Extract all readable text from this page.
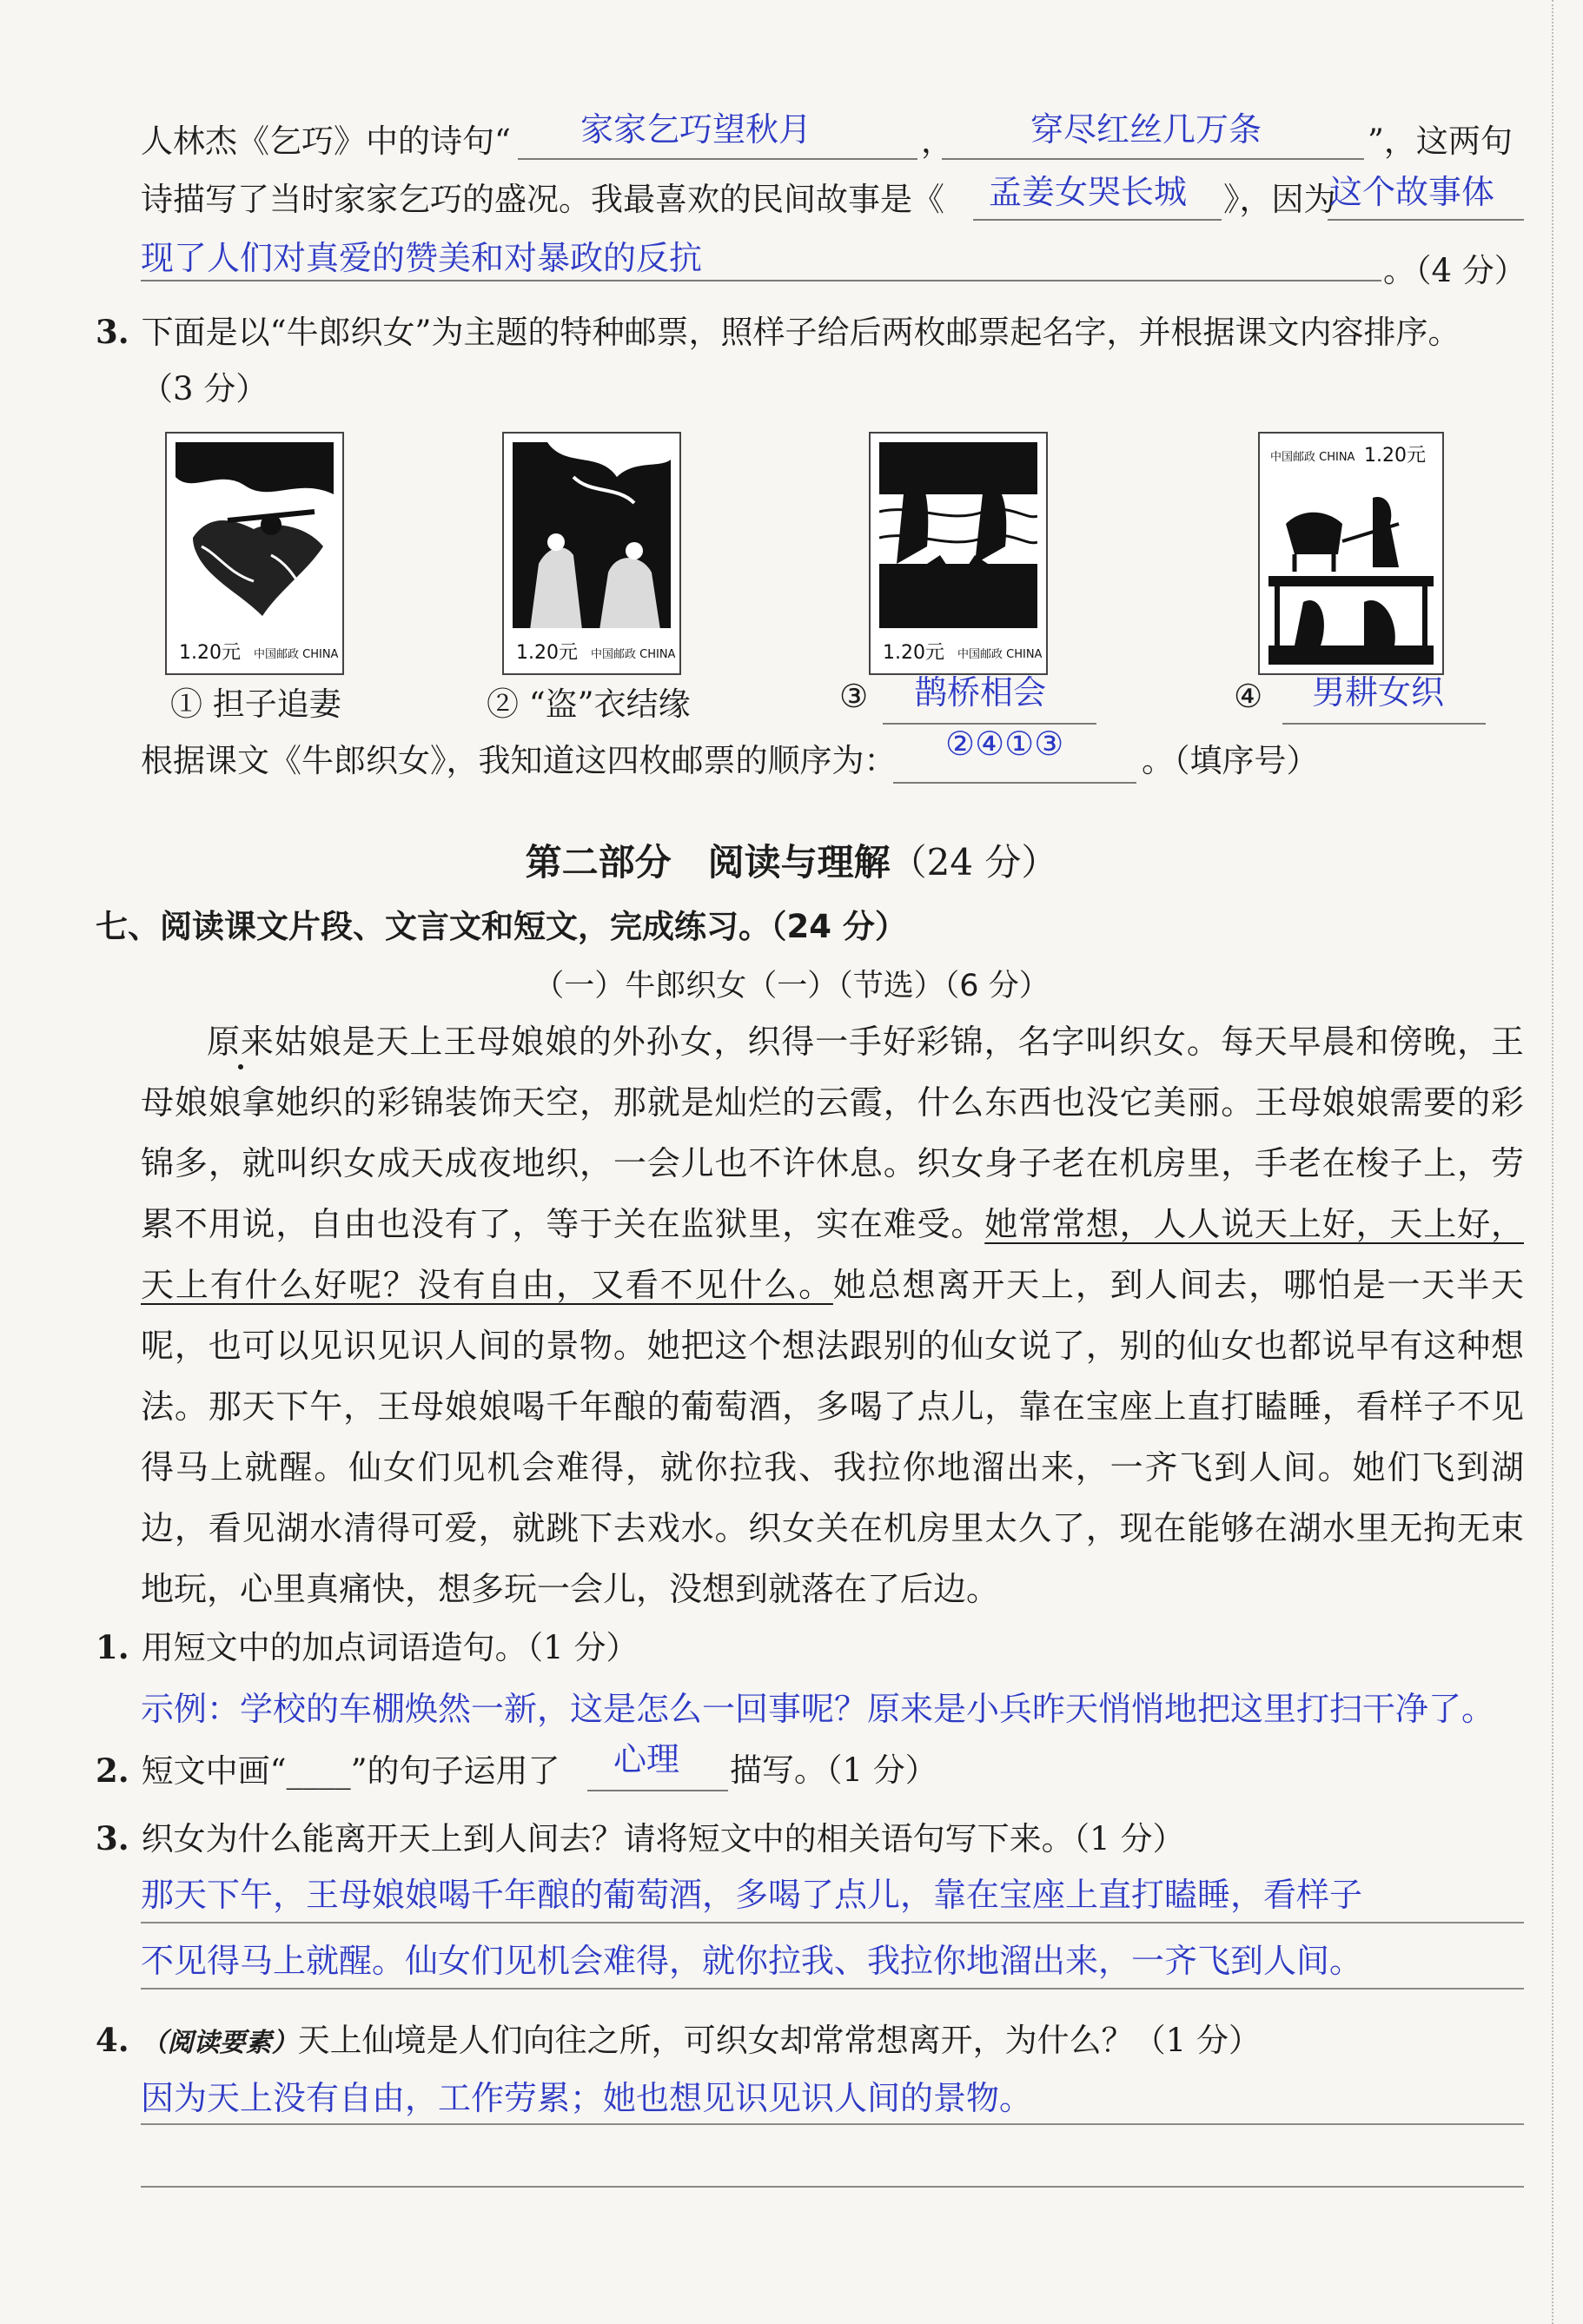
人林杰《乞巧》中的诗句“ 家家乞巧望秋月	， 穿尽红丝几万条	”，这两句
诗描写了当时家家乞巧的盛况。我最喜欢的民间故事是《 孟姜女哭长城 》，因为
这个故事体
现了人们对真爱的赞美和对暴政的反抗	。（4 分）
3. 下面是以“牛郎织女”为主题的特种邮票，照样子给后两枚邮票起名字，并根据课文内容排序。
（3 分）
1.20元 中国邮政 CHINA
① 担子追妻
1.20元 中国邮政 CHINA
② “盗”衣结缘
1.20元 中国邮政 CHINA
③ 鹊桥相会
1.20元
中国邮政 CHINA
④ 男耕女织
根据课文《牛郎织女》，我知道这四枚邮票的顺序为： ②④①③ 。（填序号）
第二部分　阅读与理解（24 分）
七、阅读课文片段、文言文和短文，完成练习。（24 分）
（一）牛郎织女（一）（节选）（6 分）
原来姑娘是天上王母娘娘的外孙女，织得一手好彩锦，名字叫织女。每天早晨和傍晚，王母娘娘拿她织的彩锦装饰天空，那就是灿烂的云霞，什么东西也没它美丽。王母娘娘需要的彩锦多，就叫织女成天成夜地织，一会儿也不许休息。织女身子老在机房里，手老在梭子上，劳累不用说，自由也没有了，等于关在监狱里，实在难受。她常常想，人人说天上好，天上好，天上有什么好呢？没有自由，又看不见什么。她总想离开天上，到人间去，哪怕是一天半天呢，也可以见识见识人间的景物。她把这个想法跟别的仙女说了，别的仙女也都说早有这种想法。那天下午，王母娘娘喝千年酿的葡萄酒，多喝了点儿，靠在宝座上直打瞌睡，看样子不见得马上就醒。仙女们见机会难得，就你拉我、我拉你地溜出来，一齐飞到人间。她们飞到湖边，看见湖水清得可爱，就跳下去戏水。织女关在机房里太久了，现在能够在湖水里无拘无束地玩，心里真痛快，想多玩一会儿，没想到就落在了后边。
1. 用短文中的加点词语造句。（1 分）
示例：学校的车棚焕然一新，这是怎么一回事呢？原来是小兵昨天悄悄地把这里打扫干净了。
2. 短文中画“____”的句子运用了 心理 描写。（1 分）
3. 织女为什么能离开天上到人间去？请将短文中的相关语句写下来。（1 分）
那天下午，王母娘娘喝千年酿的葡萄酒，多喝了点儿，靠在宝座上直打瞌睡，看样子
不见得马上就醒。仙女们见机会难得，就你拉我、我拉你地溜出来，一齐飞到人间。
4. （阅读要素）天上仙境是人们向往之所，可织女却常常想离开，为什么？（1 分）
因为天上没有自由，工作劳累；她也想见识见识人间的景物。
